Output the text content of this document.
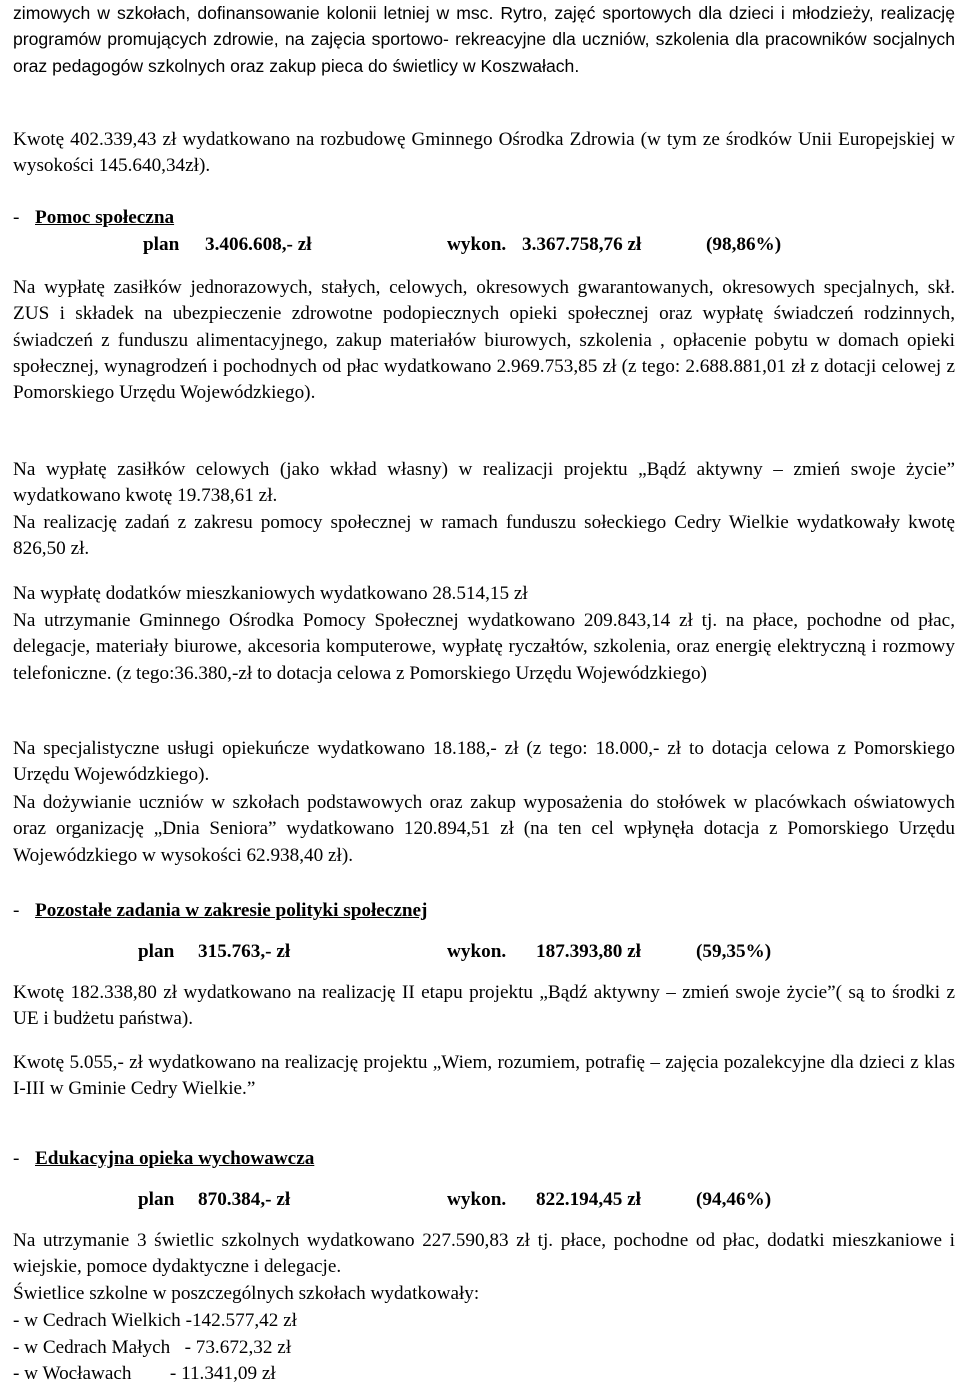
zimowych w szkołach, dofinansowanie kolonii letniej w msc. Rytro, zajęć sportowych dla dzieci i młodzieży, realizację programów promujących zdrowie, na zajęcia sportowo- rekreacyjne dla uczniów, szkolenia dla pracowników socjalnych oraz pedagogów szkolnych oraz zakup pieca do świetlicy w Koszwałach.

Kwotę 402.339,43 zł wydatkowano na rozbudowę Gminnego Ośrodka Zdrowia (w tym ze środków Unii Europejskiej w wysokości 145.640,34zł).

- Pomoc społeczna

plan 3.406.608,- zł	wykon. 3.367.758,76 zł	(98,86%)

Na wypłatę zasiłków jednorazowych, stałych, celowych, okresowych gwarantowanych, okresowych specjalnych, skł. ZUS i składek na ubezpieczenie zdrowotne podopiecznych opieki społecznej oraz wypłatę świadczeń rodzinnych, świadczeń z funduszu alimentacyjnego, zakup materiałów biurowych, szkolenia , opłacenie pobytu w domach opieki społecznej, wynagrodzeń i pochodnych od płac wydatkowano 2.969.753,85 zł (z tego: 2.688.881,01 zł z dotacji celowej z Pomorskiego Urzędu Wojewódzkiego).

Na wypłatę zasiłków celowych (jako wkład własny) w realizacji projektu „Bądź aktywny – zmień swoje życie” wydatkowano kwotę 19.738,61 zł.

Na realizację zadań z zakresu pomocy społecznej w ramach funduszu sołeckiego Cedry Wielkie wydatkowały kwotę 826,50 zł.

Na wypłatę dodatków mieszkaniowych wydatkowano 28.514,15 zł

Na utrzymanie Gminnego Ośrodka Pomocy Społecznej wydatkowano 209.843,14 zł tj. na płace, pochodne od płac, delegacje, materiały biurowe, akcesoria komputerowe, wypłatę ryczałtów, szkolenia, oraz energię elektryczną i rozmowy telefoniczne. (z tego:36.380,-zł to dotacja celowa z Pomorskiego Urzędu Wojewódzkiego)

Na specjalistyczne usługi opiekuńcze wydatkowano 18.188,- zł (z tego: 18.000,- zł to dotacja celowa z Pomorskiego Urzędu Wojewódzkiego).

Na dożywianie uczniów w szkołach podstawowych oraz zakup wyposażenia do stołówek w placówkach oświatowych oraz organizację „Dnia Seniora” wydatkowano 120.894,51 zł (na ten cel wpłynęła dotacja z Pomorskiego Urzędu Wojewódzkiego w wysokości 62.938,40 zł).

- Pozostałe zadania w zakresie polityki społecznej

plan 315.763,- zł	wykon. 187.393,80 zł	(59,35%)

Kwotę 182.338,80 zł wydatkowano na realizację II etapu projektu „Bądź aktywny – zmień swoje życie”( są to środki z UE i budżetu państwa).

Kwotę 5.055,- zł wydatkowano na realizację projektu „Wiem, rozumiem, potrafię – zajęcia pozalekcyjne dla dzieci z klas I-III w Gminie Cedry Wielkie.”

- Edukacyjna opieka wychowawcza

plan 870.384,- zł	wykon. 822.194,45 zł	(94,46%)

Na utrzymanie 3 świetlic szkolnych wydatkowano 227.590,83 zł tj. płace, pochodne od płac, dodatki mieszkaniowe i wiejskie, pomoce dydaktyczne i delegacje.

Świetlice szkolne w poszczególnych szkołach wydatkowały:

- w Cedrach Wielkich -142.577,42 zł

- w Cedrach Małych   - 73.672,32 zł

- w Wocławach        - 11.341,09 zł
